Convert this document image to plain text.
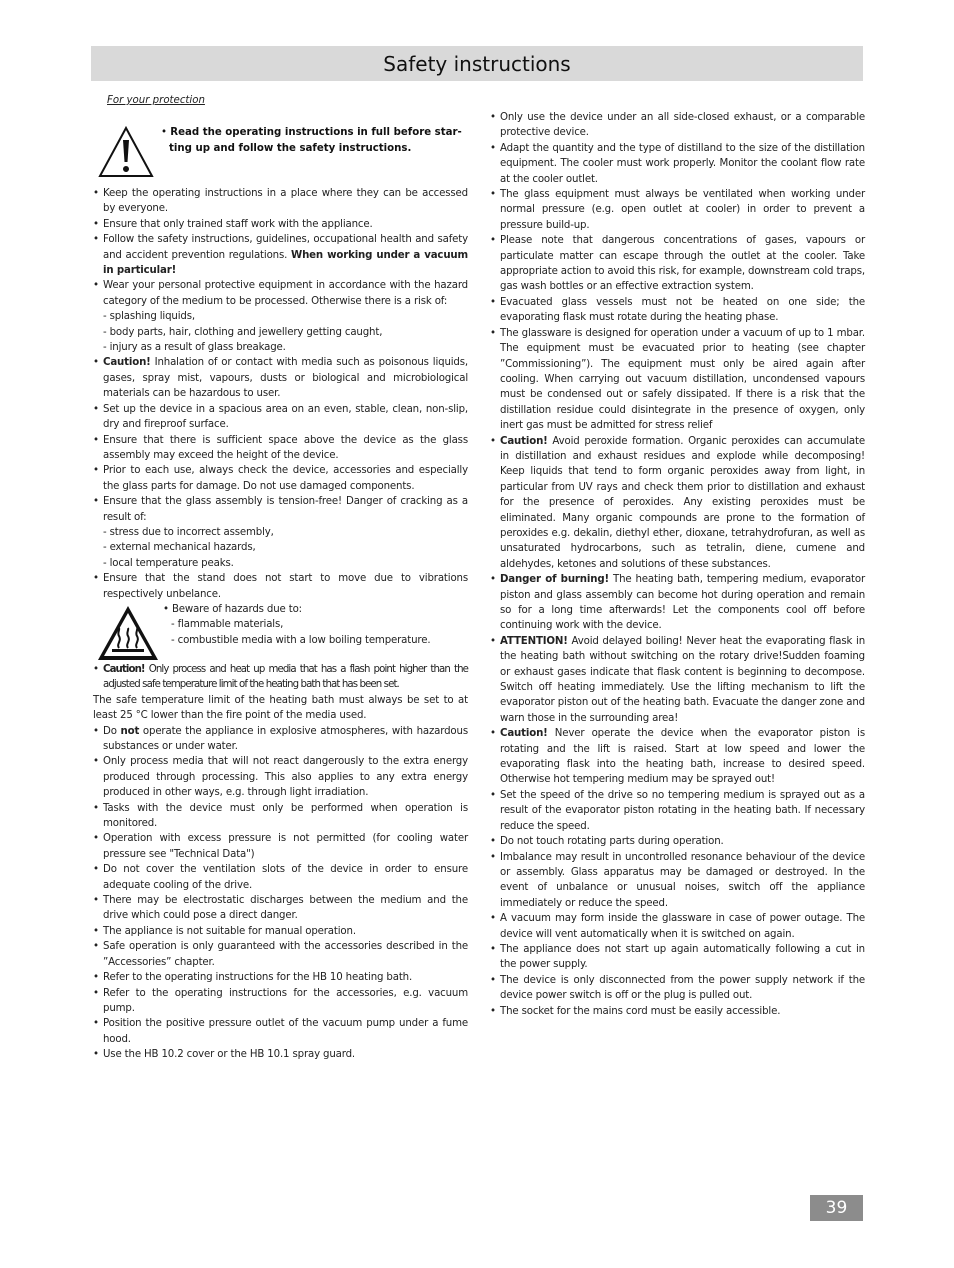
Safety instructions
For your protection
• Read the operating instructions in full before star-
ting up and follow the safety instructions.
• Keep the operating instructions in a place where they can be accessed by everyone.
• Ensure that only trained staff work with the appliance.
• Follow the safety instructions, guidelines, occupational health and safety and accident prevention regulations. When working under a vacuum in particular!
• Wear your personal protective equipment in accordance with the hazard category of the medium to be processed. Otherwise there is a risk of:
- splashing liquids,
- body parts, hair, clothing and jewellery getting caught,
- injury as a result of glass breakage.
• Caution! Inhalation of or contact with media such as poisonous liquids, gases, spray mist, vapours, dusts or biological and microbiological materials can be hazardous to user.
• Set up the device in a spacious area on an even, stable, clean, non-slip, dry and fireproof surface.
• Ensure that there is sufficient space above the device as the glass assembly may exceed the height of the device.
• Prior to each use, always check the device, accessories and especially the glass parts for damage. Do not use damaged components.
• Ensure that the glass assembly is tension-free! Danger of cracking as a result of:
- stress due to incorrect assembly,
- external mechanical hazards,
- local temperature peaks.
• Ensure that the stand does not start to move due to vibrations respectively unbelance.
• Beware of hazards due to:
- flammable materials,
- combustible media with a low boiling temperature.
• Caution! Only process and heat up media that has a flash point higher than the adjusted safe temperature limit of the heating bath that has been set.
The safe temperature limit of the heating bath must always be set to at least 25 °C lower than the fire point of the media used.
• Do not operate the appliance in explosive atmospheres, with hazardous substances or under water.
• Only process media that will not react dangerously to the extra energy produced through processing. This also applies to any extra energy produced in other ways, e.g. through light irradiation.
• Tasks with the device must only be performed when operation is monitored.
• Operation with excess pressure is not permitted (for cooling water pressure see "Technical Data")
• Do not cover the ventilation slots of the device in order to ensure adequate cooling of the drive.
• There may be electrostatic discharges between the medium and the drive which could pose a direct danger.
• The appliance is not suitable for manual operation.
• Safe operation is only guaranteed with the accessories described in the ”Accessories” chapter.
• Refer to the operating instructions for the HB 10 heating bath.
• Refer to the operating instructions for the accessories, e.g. vacuum pump.
• Position the positive pressure outlet of the vacuum pump under a fume hood.
• Use the HB 10.2 cover or the HB 10.1 spray guard.
• Only use the device under an all side-closed exhaust, or a comparable protective device.
• Adapt the quantity and the type of distilland to the size of the distillation equipment. The cooler must work properly. Monitor the coolant flow rate at the cooler outlet.
• The glass equipment must always be ventilated when working under normal pressure (e.g. open outlet at cooler) in order to prevent a pressure build-up.
• Please note that dangerous concentrations of gases, vapours or particulate matter can escape through the outlet at the cooler. Take appropriate action to avoid this risk, for example, downstream cold traps, gas wash bottles or an effective extraction system.
• Evacuated glass vessels must not be heated on one side; the evaporating flask must rotate during the heating phase.
• The glassware is designed for operation under a vacuum of up to 1 mbar. The equipment must be evacuated prior to heating (see chapter ”Commissioning”). The equipment must only be aired again after cooling. When carrying out vacuum distillation, uncondensed vapours must be condensed out or safely dissipated. If there is a risk that the distillation residue could disintegrate in the presence of oxygen, only inert gas must be admitted for stress relief
• Caution! Avoid peroxide formation. Organic peroxides can accumulate in distillation and exhaust residues and explode while decomposing! Keep liquids that tend to form organic peroxides away from light, in particular from UV rays and check them prior to distillation and exhaust for the presence of peroxides. Any existing peroxides must be eliminated. Many organic compounds are prone to the formation of peroxides e.g. dekalin, diethyl ether, dioxane, tetrahydrofuran, as well as unsaturated hydrocarbons, such as tetralin, diene, cumene and aldehydes, ketones and solutions of these substances.
• Danger of burning! The heating bath, tempering medium, evaporator piston and glass assembly can become hot during operation and remain so for a long time afterwards! Let the components cool off before continuing work with the device.
• ATTENTION! Avoid delayed boiling! Never heat the evaporating flask in the heating bath without switching on the rotary drive!Sudden foaming or exhaust gases indicate that flask content is beginning to decompose. Switch off heating immediately. Use the lifting mechanism to lift the evaporator piston out of the heating bath. Evacuate the danger zone and warn those in the surrounding area!
• Caution! Never operate the device when the evaporator piston is rotating and the lift is raised. Start at low speed and lower the evaporating flask into the heating bath, increase to desired speed. Otherwise hot tempering medium may be sprayed out!
• Set the speed of the drive so no tempering medium is sprayed out as a result of the evaporator piston rotating in the heating bath. If necessary reduce the speed.
• Do not touch rotating parts during operation.
• Imbalance may result in uncontrolled resonance behaviour of the device or assembly. Glass apparatus may be damaged or destroyed. In the event of unbalance or unusual noises, switch off the appliance immediately or reduce the speed.
• A vacuum may form inside the glassware in case of power outage. The device will vent automatically when it is switched on again.
• The appliance does not start up again automatically following a cut in the power supply.
• The device is only disconnected from the power supply network if the device power switch is off or the plug is pulled out.
• The socket for the mains cord must be easily accessible.
39
